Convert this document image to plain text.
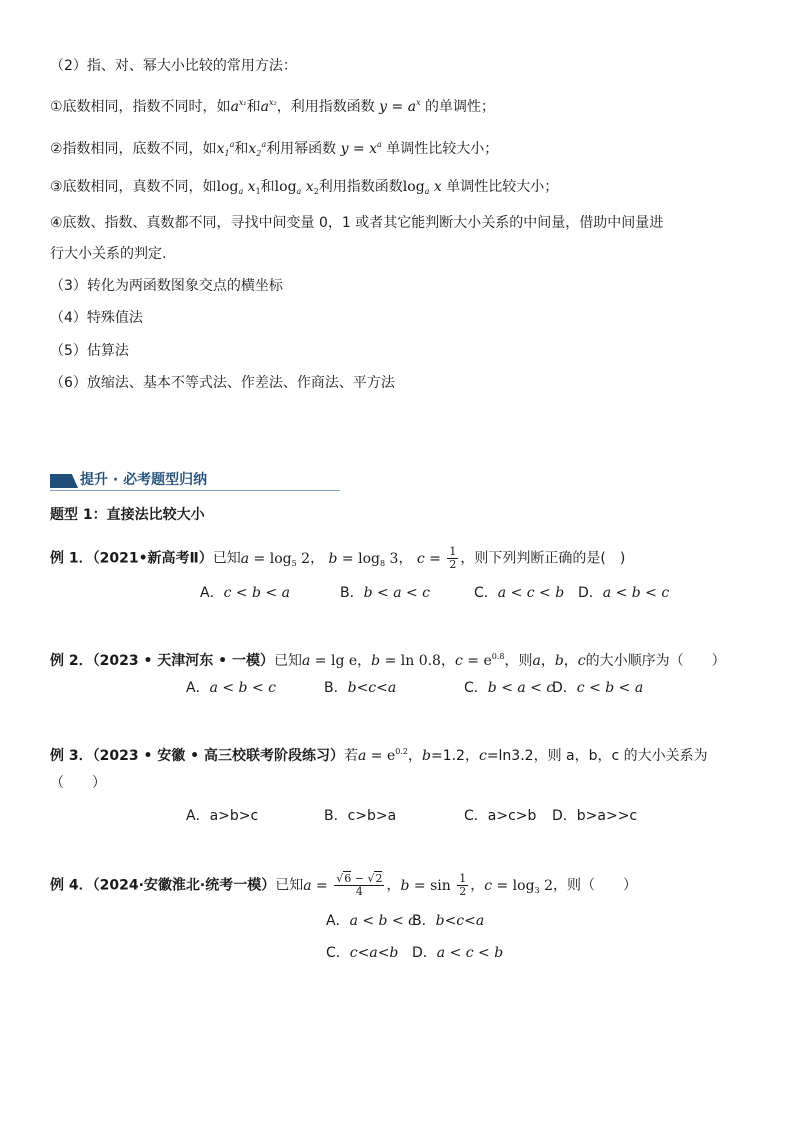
（2）指、对、幂大小比较的常用方法：
①底数相同，指数不同时，如$a^{x_1}$和$a^{x_2}$，利用指数函数 $y = a^x$ 的单调性；
②指数相同，底数不同，如$x_1^a$和$x_2^a$利用幂函数 $y = x^a$ 单调性比较大小；
③底数相同，真数不同，如$\log_a x_1$和$\log_a x_2$利用指数函数$\log_a x$ 单调性比较大小；
④底数、指数、真数都不同，寻找中间变量 0，1 或者其它能判断大小关系的中间量，借助中间量进
行大小关系的判定.
（3）转化为两函数图象交点的横坐标
（4）特殊值法
（5）估算法
（6）放缩法、基本不等式法、作差法、作商法、平方法
提升 · 必考题型归纳
题型 1：直接法比较大小
例 1．（2021•新高考Ⅱ）已知$a = \log_5 2$， $b = \log_8 3$， $c = \frac{1}{2}$ ，则下列判断正确的是(　)
A．c < b < a	B．b < a < c	C．a < c < b D．a < b < c
例 2．（2023 • 天津河东 • 一模）已知a = lg e，b = ln 0.8，$c = e^{0.8}$，则a，b，c的大小顺序为（　　）
A．a < b < c	B．b<c<a	C．b < a < cD．c < b < a
例 3．（2023 • 安徽 • 高三校联考阶段练习）若$a = e^{0.2}$，b=1.2，c=ln3.2，则 a，b，c 的大小关系为
（　　）
A．a>b>c	B．c>b>a	C．a>c>b D．b>a>>c
例 4．（2024·安徽淮北·统考一模）已知$a = \frac{√6 - √2}{4}$ ，$b = \sin \frac{1}{2}$ ，$c = \log_3 2$，则（　　）
A．a < b < cB．b<c<a
C．c<a<b D．a < c < b
